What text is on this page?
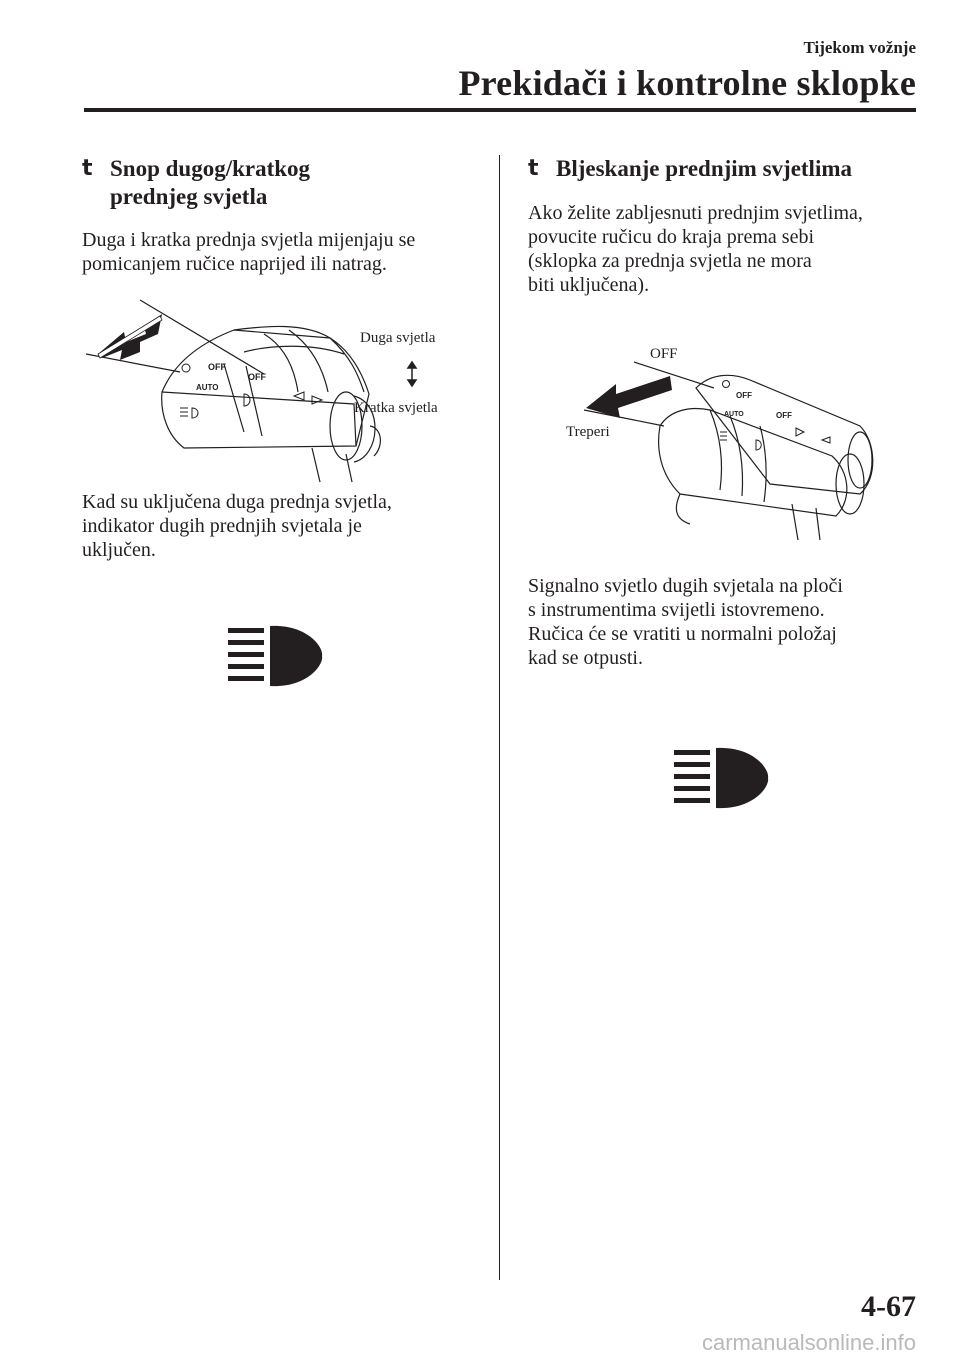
Tijekom vožnje
Prekidači i kontrolne sklopke
t Snop dugog/kratkog
prednjeg svjetla

Duga i kratka prednja svjetla mijenjaju se pomicanjem ručice naprijed ili natrag.

OFF
AUTO
OFF
Duga svjetla
Kratka svjetla
Kad su uključena duga prednja svjetla,
indikator dugih prednjih svjetala je
uključen.
t Bljeskanje prednjim svjetlima
Ako želite zabljesnuti prednjim svjetlima,
povucite ručicu do kraja prema sebi
(sklopka za prednja svjetla ne mora
biti uključena).
OFF
AUTO	OFF
OFF
Treperi
Signalno svjetlo dugih svjetala na ploči
s instrumentima svijetli istovremeno.
Ručica će se vratiti u normalni položaj
kad se otpusti.
4-67
carmanualsonline.info
